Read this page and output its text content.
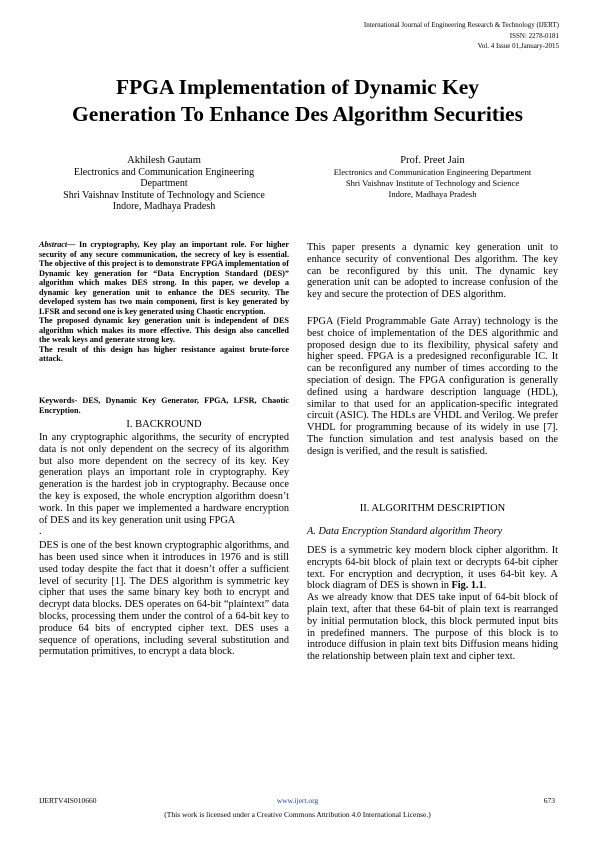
International Journal of Engineering Research & Technology (IJERT)
ISSN: 2278-0181
Vol. 4 Issue 01,January-2015
FPGA Implementation of Dynamic Key
Generation To Enhance Des Algorithm Securities
Akhilesh Gautam
Electronics and Communication Engineering
Department
Shri Vaishnav Institute of Technology and Science
Indore, Madhaya Pradesh
Prof. Preet Jain
Electronics and Communication Engineering Department
Shri Vaishnav Institute of Technology and Science
Indore, Madhaya Pradesh

Abstract— In cryptography, Key play an important role. For higher security of any secure communication, the secrecy of key is essential. The objective of this project is to demonstrate FPGA implementation of Dynamic key generation for “Data Encryption Standard (DES)” algorithm which makes DES strong. In this paper, we develop a dynamic key generation unit to enhance the DES security. The developed system has two main component, first is key generated by LFSR and second one is key generated using Chaotic encryption.

The proposed dynamic key generation unit is independent of DES algorithm which makes its more effective. This design also cancelled the weak keys and generate strong key.

The result of this design has higher resistance against brute-force attack.

Keywords- DES, Dynamic Key Generator, FPGA, LFSR, Chaotic Encryption.
I. BACKROUND

In any cryptographic algorithms, the security of encrypted data is not only dependent on the secrecy of its algorithm but also more dependent on the secrecy of its key. Key generation plays an important role in cryptography. Key generation is the hardest job in cryptography. Because once the key is exposed, the whole encryption algorithm doesn’t work. In this paper we implemented a hardware encryption of DES and its key generation unit using FPGA

.

DES is one of the best known cryptographic algorithms, and has been used since when it introduces in 1976 and is still used today despite the fact that it doesn’t offer a sufficient level of security [1]. The DES algorithm is symmetric key cipher that uses the same binary key both to encrypt and decrypt data blocks. DES operates on 64-bit “plaintext” data blocks, processing them under the control of a 64-bit key to produce 64 bits of encrypted cipher text. DES uses a sequence of operations, including several substitution and permutation primitives, to encrypt a data block.

This paper presents a dynamic key generation unit to enhance security of conventional Des algorithm. The key can be reconfigured by this unit. The dynamic key generation unit can be adopted to increase confusion of the key and secure the protection of DES algorithm.
FPGA (Field Programmable Gate Array) technology is the best choice of implementation of the DES algorithmic and proposed design due to its flexibility, physical safety and higher speed. FPGA is a predesigned reconfigurable IC. It can be reconfigured any number of times according to the speciation of design. The FPGA configuration is generally defined using a hardware description language (HDL), similar to that used for an application-specific integrated circuit (ASIC). The HDLs are VHDL and Verilog. We prefer VHDL for programming because of its widely in use [7]. The function simulation and test analysis based on the design is verified, and the result is satisfied.
II. ALGORITHM DESCRIPTION
A. Data Encryption Standard algorithm Theory

DES is a symmetric key modern block cipher algorithm. It encrypts 64-bit block of plain text or decrypts 64-bit cipher text. For encryption and decryption, it uses 64-bit key. A block diagram of DES is shown in Fig. 1.1.

As we already know that DES take input of 64-bit block of plain text, after that these 64-bit of plain text is rearranged by initial permutation block, this block permuted input bits in predefined manners. The purpose of this block is to introduce diffusion in plain text bits Diffusion means hiding the relationship between plain text and cipher text.

IJERTV4IS010660	www.ijert.org	673
(This work is licensed under a Creative Commons Attribution 4.0 International License.)
